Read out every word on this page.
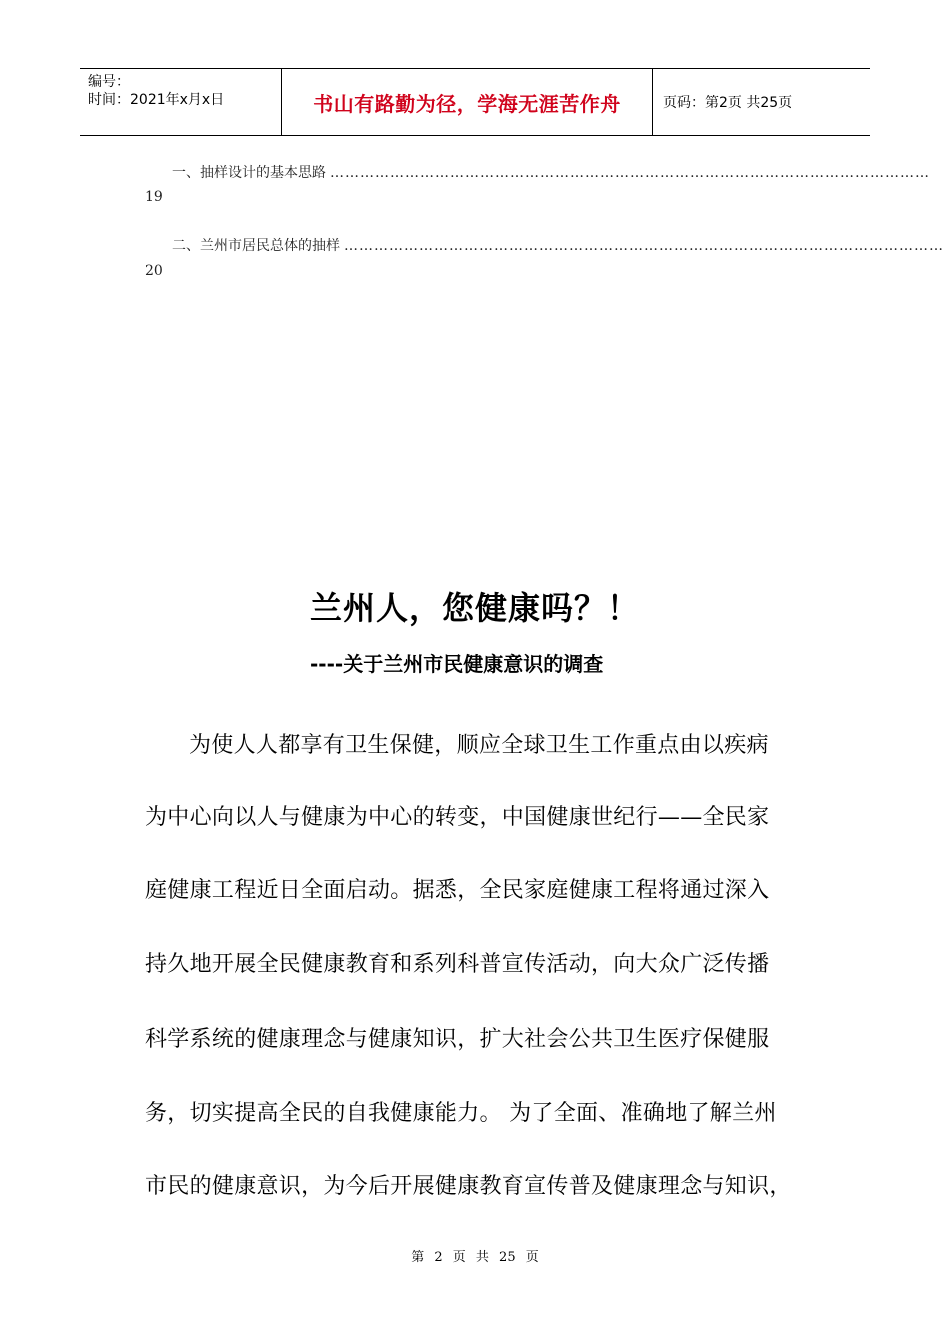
编号：
时间：2021年x月x日	书山有路勤为径，学海无涯苦作舟	页码：第2页 共25页
一、抽样设计的基本思路 …………………………………………………………………………………………………………
19
二、兰州市居民总体的抽样 …………………………………………………………………………………………………………
20
兰州人，您健康吗？！
----关于兰州市民健康意识的调查
为使人人都享有卫生保健，顺应全球卫生工作重点由以疾病
为中心向以人与健康为中心的转变，中国健康世纪行——全民家
庭健康工程近日全面启动。据悉，全民家庭健康工程将通过深入
持久地开展全民健康教育和系列科普宣传活动，向大众广泛传播
科学系统的健康理念与健康知识，扩大社会公共卫生医疗保健服
务，切实提高全民的自我健康能力。 为了全面、准确地了解兰州
市民的健康意识，为今后开展健康教育宣传普及健康理念与知识，
第 2 页 共 25 页
